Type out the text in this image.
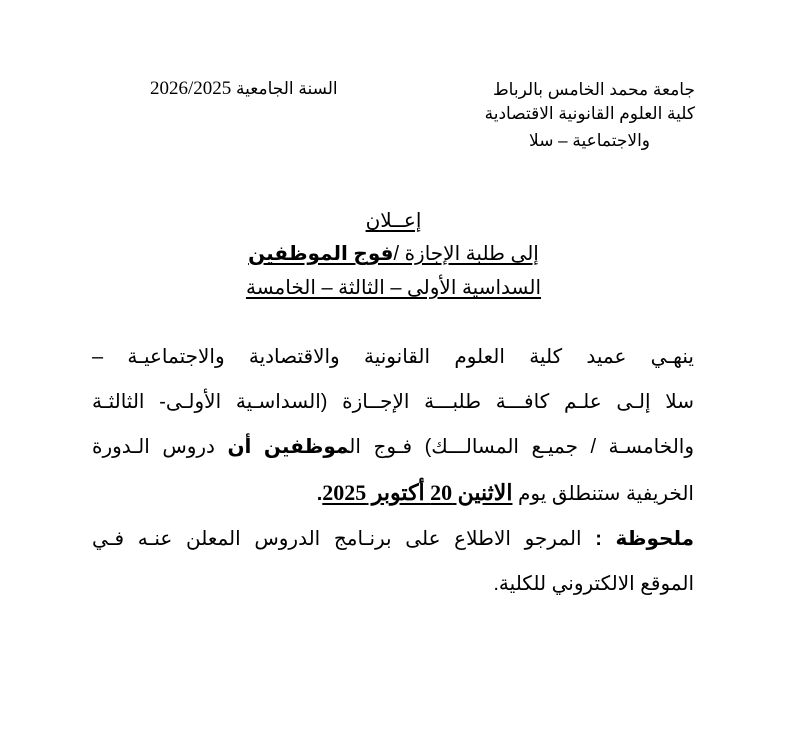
جامعة محمد الخامس بالرباط
كلية العلوم القانونية الاقتصادية
والاجتماعية – سلا
السنة الجامعية 2026/2025
إعــلان
إلى طلبة الإجازة /فوج الموظفين
السداسية الأولى – الثالثة – الخامسة
ينهـي عميد كلية العلوم القانونية والاقتصادية والاجتماعيـة –
سلا إلـى علـم كافـــة طلبـــة الإجــازة (السداسـية الأولـى- الثالثـة
والخامسـة / جميـع المسالـــك) فـوج الموظفين أن دروس الـدورة
الخريفية ستنطلق يوم الاثنين 20 أكتوبر 2025.
ملحوظة : المرجو الاطلاع على برنـامج الدروس المعلن عنـه فـي
الموقع الالكتروني للكلية.
